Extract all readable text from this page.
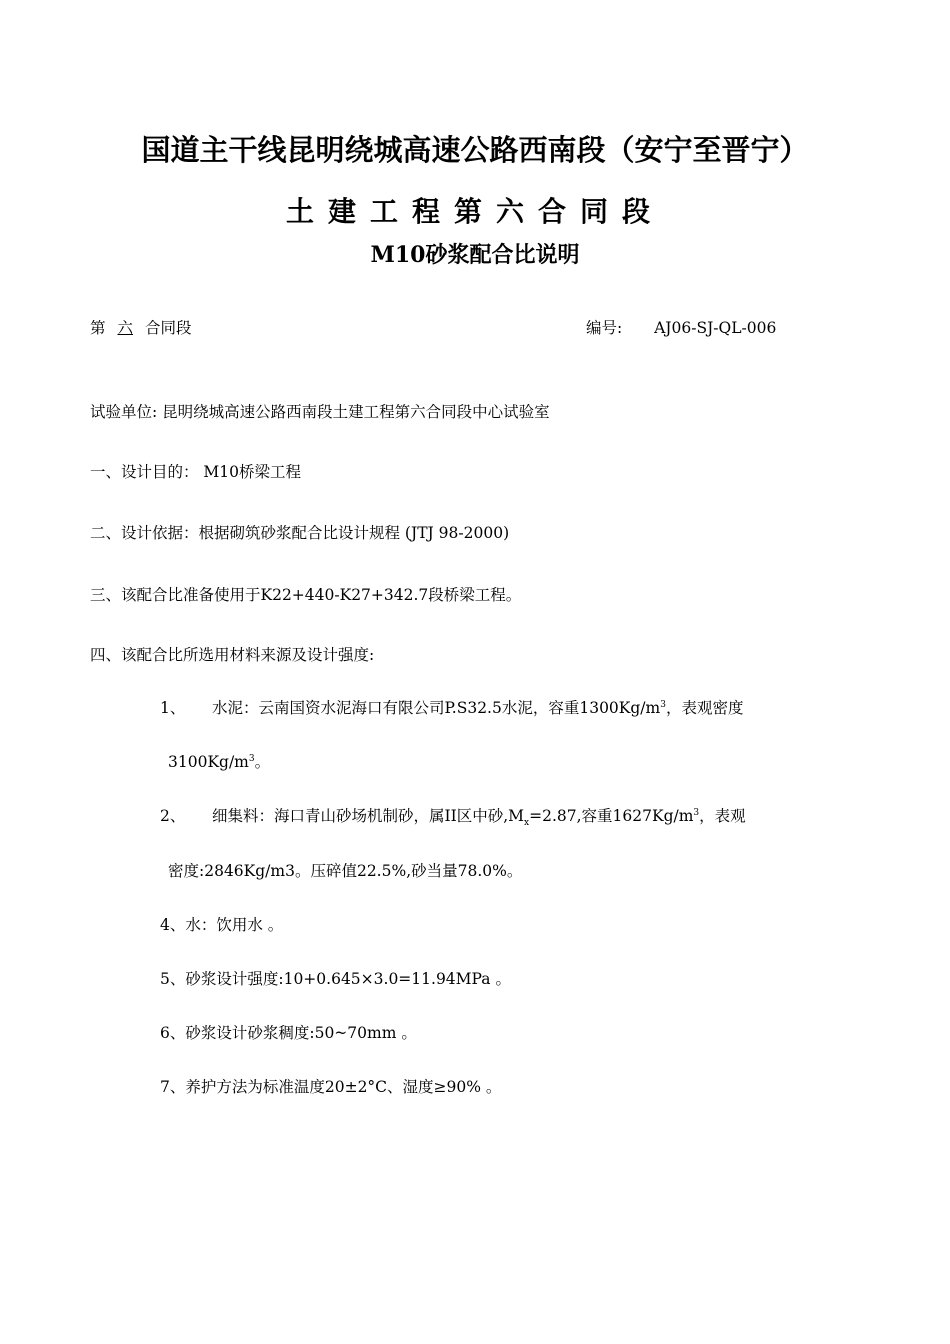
国道主干线昆明绕城高速公路西南段（安宁至晋宁）
土建工程第六合同段
M10砂浆配合比说明
第 六 合同段	编号: AJ06-SJ-QL-006
试验单位: 昆明绕城高速公路西南段土建工程第六合同段中心试验室
一、设计目的： M10桥梁工程
二、设计依据：根据砌筑砂浆配合比设计规程 (JTJ 98-2000)
三、该配合比准备使用于K22+440-K27+342.7段桥梁工程。
四、该配合比所选用材料来源及设计强度:
1、 水泥：云南国资水泥海口有限公司P.S32.5水泥，容重$1300Kg/m^3$，表观密度
$3100Kg/m^3$。
2、 细集料：海口青山砂场机制砂，属II区中砂$,M_x=2.87$,容重$1627Kg/m^3$，表观
密度:2846Kg/m3。压碎值22.5%,砂当量78.0%。
4、水：饮用水 。
5、砂浆设计强度:10+0.645×3.0=11.94MPa 。
6、砂浆设计砂浆稠度:50~70mm 。
7、养护方法为标准温度20±2°C、湿度≥90% 。
